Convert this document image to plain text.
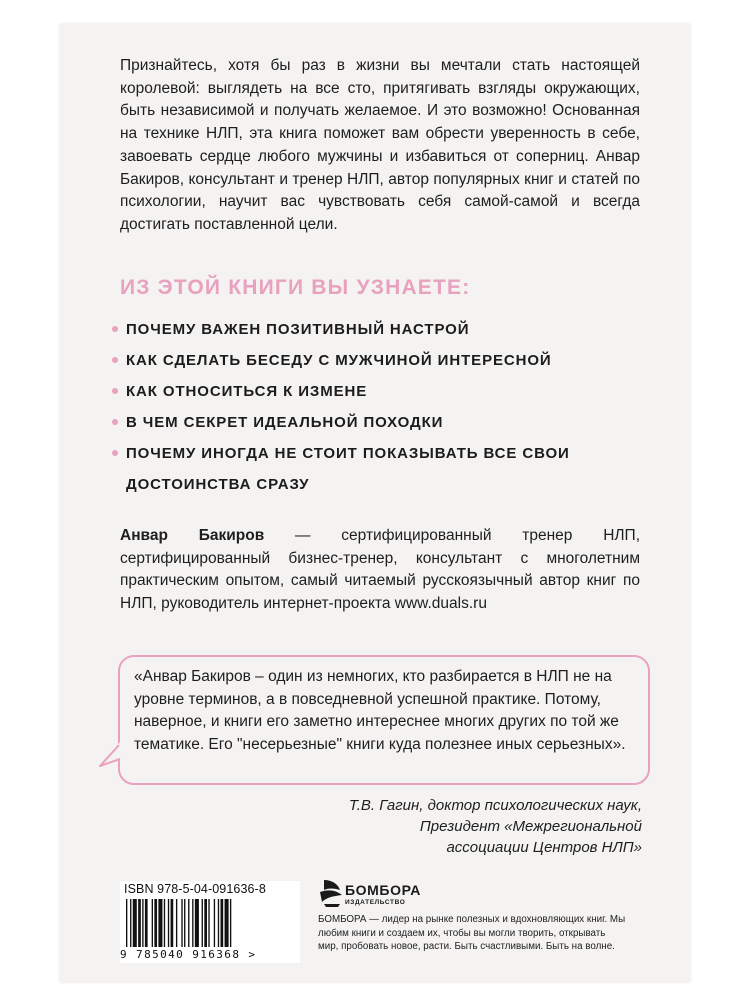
Признайтесь, хотя бы раз в жизни вы мечтали стать настоящей королевой: выглядеть на все сто, притягивать взгляды окружающих, быть независимой и получать желаемое. И это возможно! Основанная на технике НЛП, эта книга поможет вам обрести уверенность в себе, завоевать сердце любого мужчины и избавиться от соперниц. Анвар Бакиров, консультант и тренер НЛП, автор популярных книг и статей по психологии, научит вас чувствовать себя самой-самой и всегда достигать поставленной цели.

ИЗ ЭТОЙ КНИГИ ВЫ УЗНАЕТЕ:
ПОЧЕМУ ВАЖЕН ПОЗИТИВНЫЙ НАСТРОЙ
КАК СДЕЛАТЬ БЕСЕДУ С МУЖЧИНОЙ ИНТЕРЕСНОЙ
КАК ОТНОСИТЬСЯ К ИЗМЕНЕ
В ЧЕМ СЕКРЕТ ИДЕАЛЬНОЙ ПОХОДКИ
ПОЧЕМУ ИНОГДА НЕ СТОИТ ПОКАЗЫВАТЬ ВСЕ СВОИ ДОСТОИНСТВА СРАЗУ

Анвар Бакиров — сертифицированный тренер НЛП, сертифицированный бизнес-тренер, консультант с многолетним практическим опытом, самый читаемый русскоязычный автор книг по НЛП, руководитель интернет-проекта www.duals.ru

«Анвар Бакиров – один из немногих, кто разбирается в НЛП не на уровне терминов, а в повседневной успешной практике. Потому, наверное, и книги его заметно интереснее многих других по той же тематике. Его "несерьезные" книги куда полезнее иных серьезных».

Т.В. Гагин, доктор психологических наук,
Президент «Межрегиональной
ассоциации Центров НЛП»
ISBN 978-5-04-091636-8
9 785040 916368 >
БОМБОРА
ИЗДАТЕЛЬСТВО

БОМБОРА — лидер на рынке полезных и вдохновляющих книг. Мы любим книги и создаем их, чтобы вы могли творить, открывать мир, пробовать новое, расти. Быть счастливыми. Быть на волне.
